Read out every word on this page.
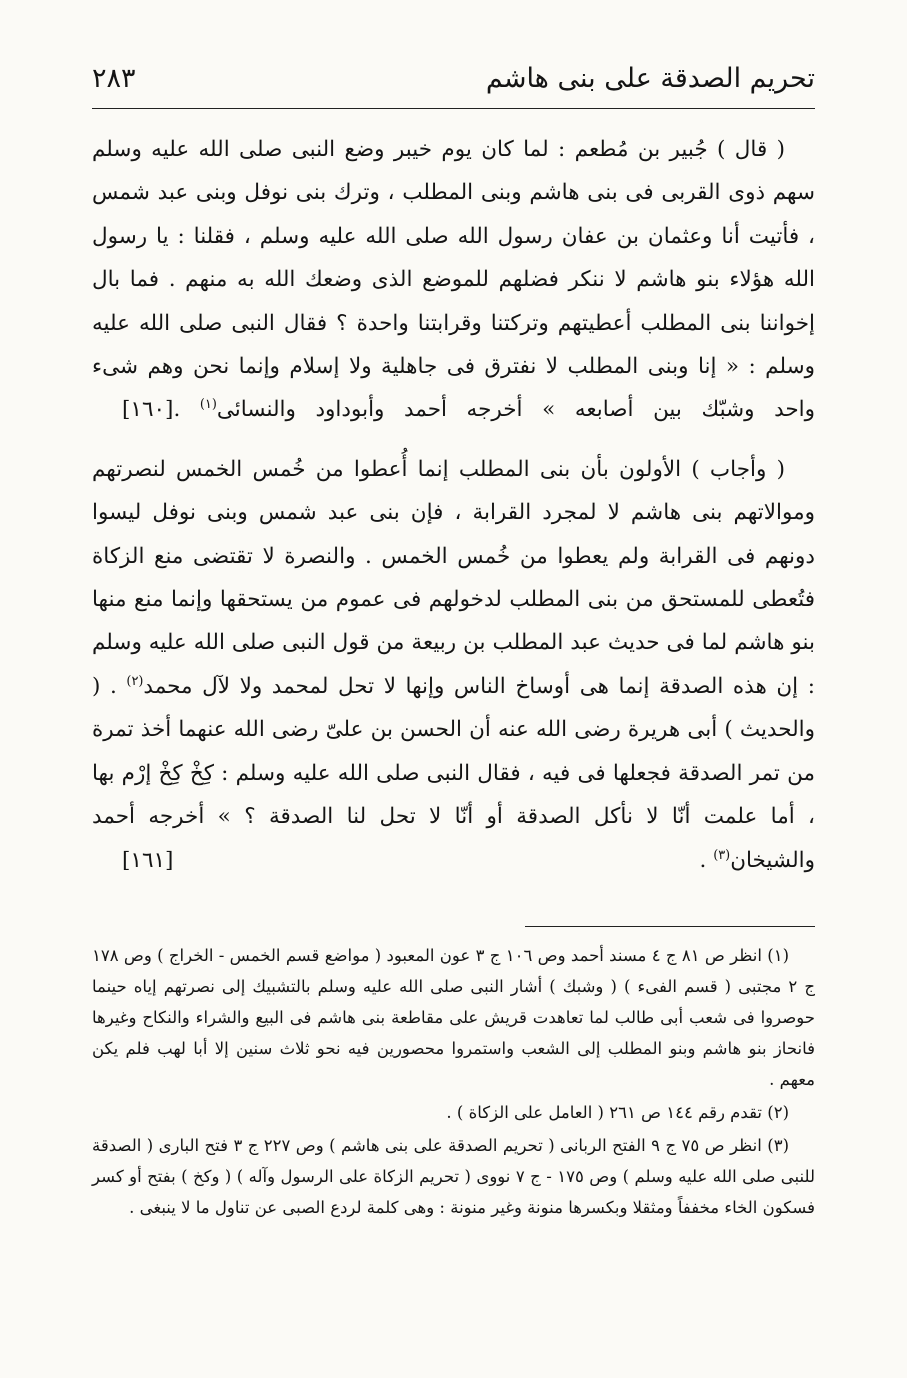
تحريم الصدقة على بنى هاشم
٢٨٣

( قال ) جُبير بن مُطعم : لما كان يوم خيبر وضع النبى صلى الله عليه وسلم سهم ذوى القربى فى بنى هاشم وبنى المطلب ، وترك بنى نوفل وبنى عبد شمس ، فأتيت أنا وعثمان بن عفان رسول الله صلى الله عليه وسلم ، فقلنا : يا رسول الله هؤلاء بنو هاشم لا ننكر فضلهم للموضع الذى وضعك الله به منهم . فما بال إخواننا بنى المطلب أعطيتهم وتركتنا وقرابتنا واحدة ؟ فقال النبى صلى الله عليه وسلم : « إنا وبنى المطلب لا نفترق فى جاهلية ولا إسلام وإنما نحن وهم شىء واحد وشبّك بين أصابعه » أخرجه أحمد وأبوداود والنسائى$^{(١)}$ .
[١٦٠]

( وأجاب ) الأولون بأن بنى المطلب إنما أُعطوا من خُمس الخمس لنصرتهم وموالاتهم بنى هاشم لا لمجرد القرابة ، فإن بنى عبد شمس وبنى نوفل ليسوا دونهم فى القرابة ولم يعطوا من خُمس الخمس . والنصرة لا تقتضى منع الزكاة فتُعطى للمستحق من بنى المطلب لدخولهم فى عموم من يستحقها وإنما منع منها بنو هاشم لما فى حديث عبد المطلب بن ربيعة من قول النبى صلى الله عليه وسلم : إن هذه الصدقة إنما هى أوساخ الناس وإنها لا تحل لمحمد ولا لآل محمد$^{(٢)}$ . ( والحديث ) أبى هريرة رضى الله عنه أن الحسن بن علىّ رضى الله عنهما أخذ تمرة من تمر الصدقة فجعلها فى فيه ، فقال النبى صلى الله عليه وسلم : كِخْ كِخْ إرْم بها ، أما علمت أنّا لا نأكل الصدقة أو أنّا لا تحل لنا الصدقة ؟ » أخرجه أحمد والشيخان$^{(٣)}$ .
[١٦١]

(١) انظر ص ٨١ ج ٤ مسند أحمد وص ١٠٦ ج ٣ عون المعبود ( مواضع قسم الخمس - الخراج ) وص ١٧٨ ج ٢ مجتبى ( قسم الفىء ) ( وشبك ) أشار النبى صلى الله عليه وسلم بالتشبيك إلى نصرتهم إياه حينما حوصروا فى شعب أبى طالب لما تعاهدت قريش على مقاطعة بنى هاشم فى البيع والشراء والنكاح وغيرها فانحاز بنو هاشم وبنو المطلب إلى الشعب واستمروا محصورين فيه نحو ثلاث سنين إلا أبا لهب فلم يكن معهم .

(٢) تقدم رقم ١٤٤ ص ٢٦١ ( العامل على الزكاة ) .

(٣) انظر ص ٧٥ ج ٩ الفتح الربانى ( تحريم الصدقة على بنى هاشم ) وص ٢٢٧ ج ٣ فتح البارى ( الصدقة للنبى صلى الله عليه وسلم ) وص ١٧٥ - ج ٧ نووى ( تحريم الزكاة على الرسول وآله ) ( وكخ ) بفتح أو كسر فسكون الخاء مخففاً ومثقلا وبكسرها منونة وغير منونة : وهى كلمة لردع الصبى عن تناول ما لا ينبغى .
